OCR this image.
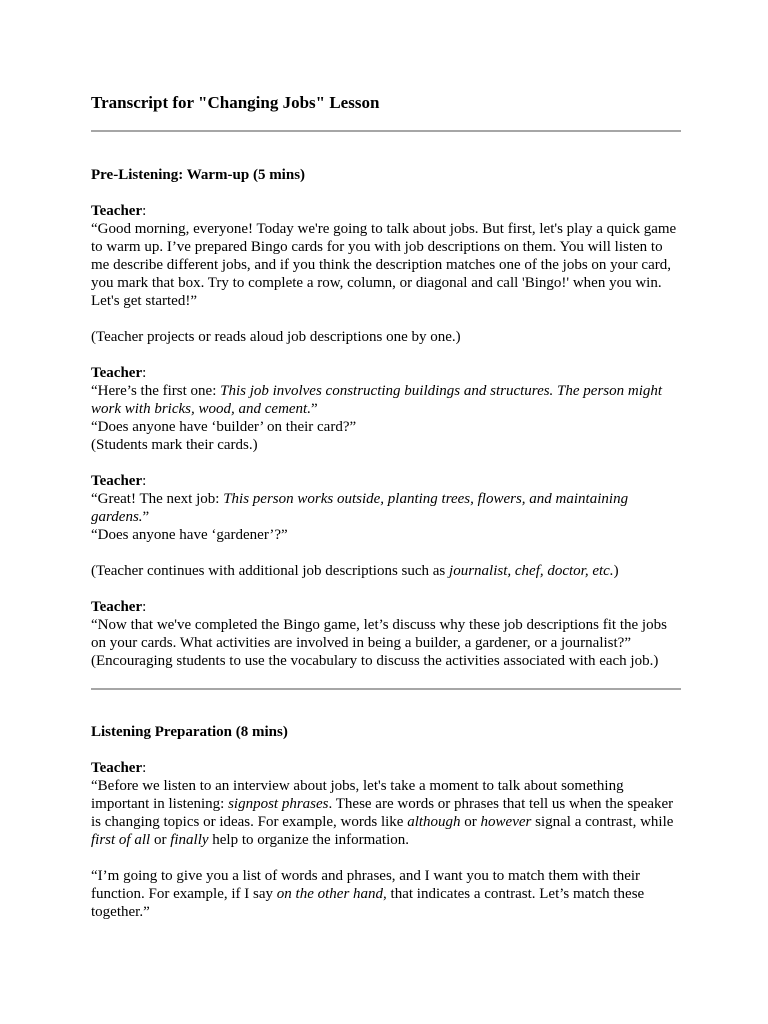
Transcript for "Changing Jobs" Lesson

Pre-Listening: Warm-up (5 mins)

Teacher:

“Good morning, everyone! Today we're going to talk about jobs. But first, let's play a quick game to warm up. I’ve prepared Bingo cards for you with job descriptions on them. You will listen to me describe different jobs, and if you think the description matches one of the jobs on your card, you mark that box. Try to complete a row, column, or diagonal and call 'Bingo!' when you win. Let's get started!”

(Teacher projects or reads aloud job descriptions one by one.)

Teacher:

“Here’s the first one: This job involves constructing buildings and structures. The person might work with bricks, wood, and cement.”

“Does anyone have ‘builder’ on their card?”

(Students mark their cards.)

Teacher:

“Great! The next job: This person works outside, planting trees, flowers, and maintaining gardens.”

“Does anyone have ‘gardener’?”

(Teacher continues with additional job descriptions such as journalist, chef, doctor, etc.)

Teacher:

“Now that we've completed the Bingo game, let’s discuss why these job descriptions fit the jobs on your cards. What activities are involved in being a builder, a gardener, or a journalist?”

(Encouraging students to use the vocabulary to discuss the activities associated with each job.)

Listening Preparation (8 mins)

Teacher:

“Before we listen to an interview about jobs, let's take a moment to talk about something important in listening: signpost phrases. These are words or phrases that tell us when the speaker is changing topics or ideas. For example, words like although or however signal a contrast, while first of all or finally help to organize the information.

“I’m going to give you a list of words and phrases, and I want you to match them with their function. For example, if I say on the other hand, that indicates a contrast. Let’s match these together.”
